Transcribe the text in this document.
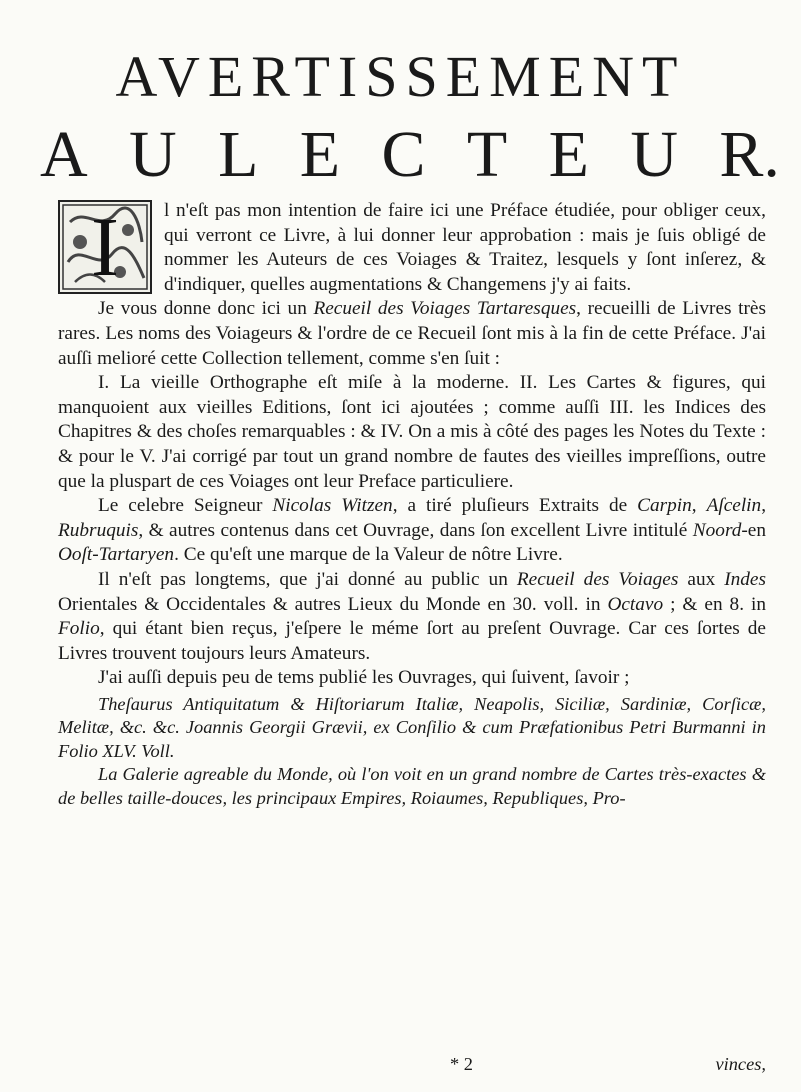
AVERTISSEMENT
A U L E C T E U R.
I	l n'eſt pas mon intention de faire ici une Préface étudiée, pour obliger ceux, qui verront ce Livre, à lui donner leur approbation : mais je ſuis obligé de nommer les Auteurs de ces Voiages & Traitez, lesquels y ſont inſerez, & d'indiquer, quelles augmentations & Changemens j'y ai faits.

Je vous donne donc ici un Recueil des Voiages Tartaresques, recueilli de Livres très rares. Les noms des Voiageurs & l'ordre de ce Recueil ſont mis à la fin de cette Préface. J'ai auſſi melioré cette Collection tellement, comme s'en ſuit :

I. La vieille Orthographe eſt miſe à la moderne. II. Les Cartes & figures, qui manquoient aux vieilles Editions, ſont ici ajoutées ; comme auſſi III. les Indices des Chapitres & des choſes remarquables : & IV. On a mis à côté des pages les Notes du Texte : & pour le V. J'ai corrigé par tout un grand nombre de fautes des vieilles impreſſions, outre que la pluspart de ces Voiages ont leur Preface particuliere.

Le celebre Seigneur Nicolas Witzen, a tiré pluſieurs Extraits de Carpin, Aſcelin, Rubruquis, & autres contenus dans cet Ouvrage, dans ſon excellent Livre intitulé Noord-en Ooſt-Tartaryen. Ce qu'eſt une marque de la Valeur de nôtre Livre.

Il n'eſt pas longtems, que j'ai donné au public un Recueil des Voiages aux Indes Orientales & Occidentales & autres Lieux du Monde en 30. voll. in Octavo ; & en 8. in Folio, qui étant bien reçus, j'eſpere le méme ſort au preſent Ouvrage. Car ces ſortes de Livres trouvent toujours leurs Amateurs.

J'ai auſſi depuis peu de tems publié les Ouvrages, qui ſuivent, ſavoir ;

Theſaurus Antiquitatum & Hiſtoriarum Italiæ, Neapolis, Siciliæ, Sardiniæ, Corſicæ, Melitæ, &c. &c. Joannis Georgii Grævii, ex Conſilio & cum Præfationibus Petri Burmanni in Folio XLV. Voll.

La Galerie agreable du Monde, où l'on voit en un grand nombre de Cartes très-exactes & de belles taille-douces, les principaux Empires, Roiaumes, Republiques, Pro-

* 2	vinces,
